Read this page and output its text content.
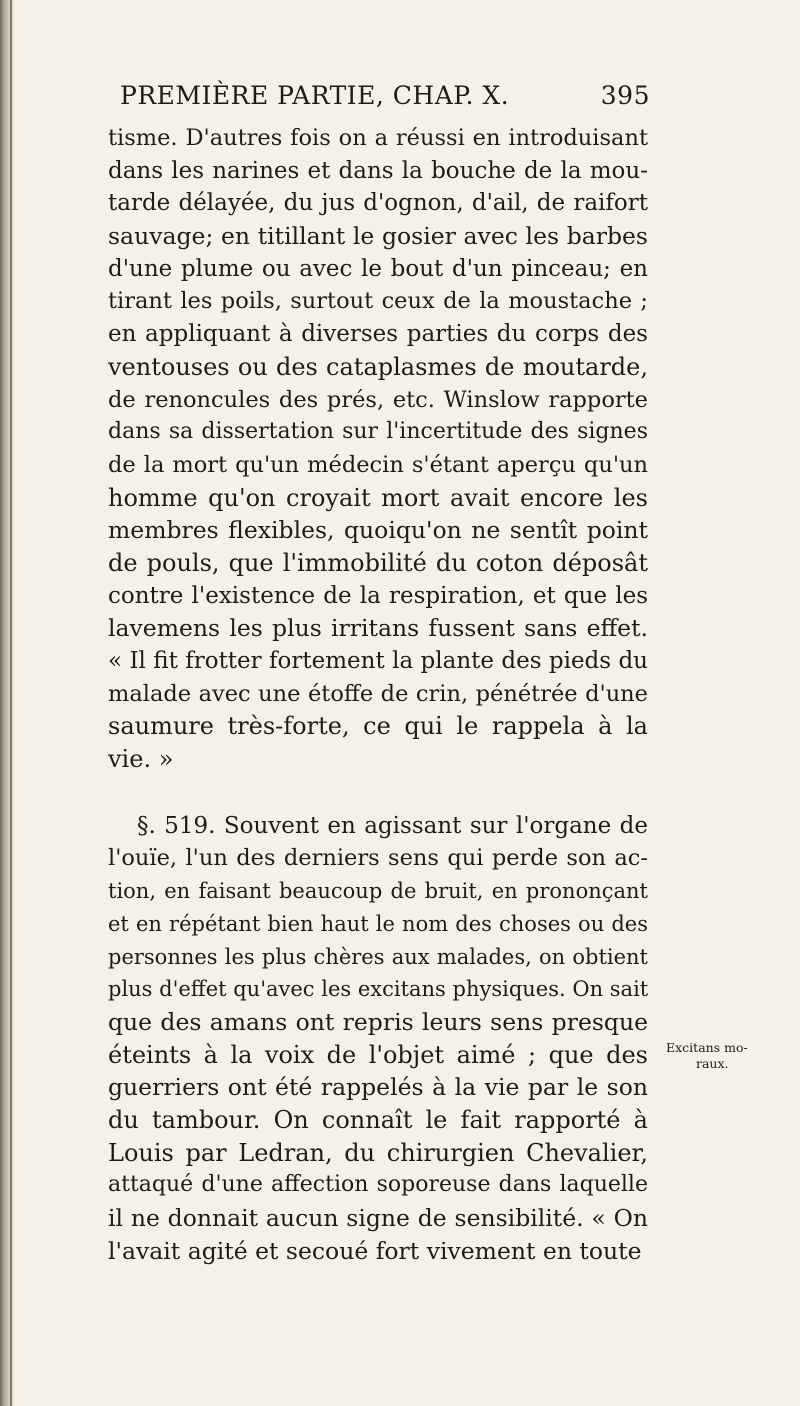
PREMIÈRE PARTIE, CHAP. X.	395
tisme. D'autres fois on a réussi en introduisant
dans les narines et dans la bouche de la mou-
tarde délayée, du jus d'ognon, d'ail, de raifort
sauvage; en titillant le gosier avec les barbes
d'une plume ou avec le bout d'un pinceau; en
tirant les poils, surtout ceux de la moustache ;
en appliquant à diverses parties du corps des
ventouses ou des cataplasmes de moutarde,
de renoncules des prés, etc. Winslow rapporte
dans sa dissertation sur l'incertitude des signes
de la mort qu'un médecin s'étant aperçu qu'un
homme qu'on croyait mort avait encore les
membres flexibles, quoiqu'on ne sentît point
de pouls, que l'immobilité du coton déposât
contre l'existence de la respiration, et que les
lavemens les plus irritans fussent sans effet.
« Il fit frotter fortement la plante des pieds du
malade avec une étoffe de crin, pénétrée d'une
saumure très-forte, ce qui le rappela à la
vie. »
§. 519. Souvent en agissant sur l'organe de
l'ouïe, l'un des derniers sens qui perde son ac-
tion, en faisant beaucoup de bruit, en prononçant
et en répétant bien haut le nom des choses ou des
personnes les plus chères aux malades, on obtient
plus d'effet qu'avec les excitans physiques. On sait
que des amans ont repris leurs sens presque
éteints à la voix de l'objet aimé ; que des
guerriers ont été rappelés à la vie par le son
du tambour. On connaît le fait rapporté à
Louis par Ledran, du chirurgien Chevalier,
attaqué d'une affection soporeuse dans laquelle
il ne donnait aucun signe de sensibilité. « On
l'avait agité et secoué fort vivement en toute
Excitans mo-
raux.
